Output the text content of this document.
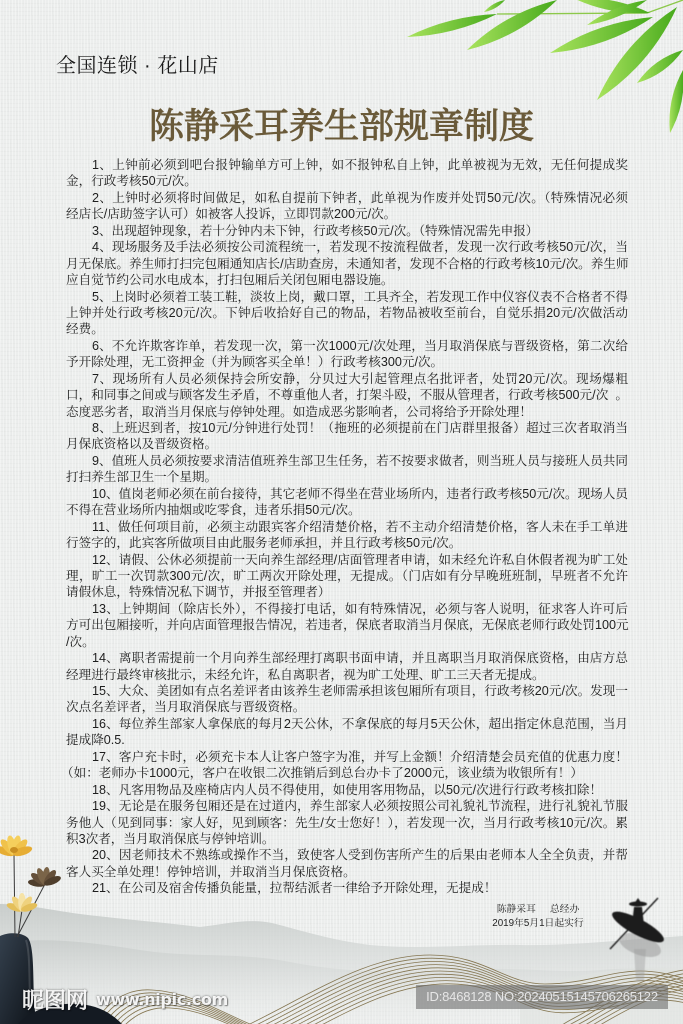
全国连锁 · 花山店
陈静采耳养生部规章制度
1、上钟前必须到吧台报钟输单方可上钟，如不报钟私自上钟，此单被视为无效，无任何提成奖
金，行政考核50元/次。
2、上钟时必须将时间做足，如私自提前下钟者，此单视为作废并处罚50元/次。（特殊情况必须
经店长/店助签字认可）如被客人投诉，立即罚款200元/次。
3、出现超钟现象，若十分钟内未下钟，行政考核50元/次。（特殊情况需先申报）
4、现场服务及手法必须按公司流程统一，若发现不按流程做者，发现一次行政考核50元/次，当
月无保底。养生师打扫完包厢通知店长/店助查房，未通知者，发现不合格的行政考核10元/次。养生师
应自觉节约公司水电成本，打扫包厢后关闭包厢电器设施。
5、上岗时必须着工装工鞋，淡妆上岗，戴口罩，工具齐全，若发现工作中仪容仪表不合格者不得
上钟并处行政考核20元/次。下钟后收拾好自己的物品，若物品被收至前台，自觉乐捐20元/次做活动
经费。
6、不允许欺客诈单，若发现一次，第一次1000元/次处理，当月取消保底与晋级资格，第二次给
予开除处理，无工资押金（并为顾客买全单！）行政考核300元/次。
7、现场所有人员必须保持会所安静，分贝过大引起管理点名批评者，处罚20元/次。现场爆粗
口，和同事之间或与顾客发生矛盾，不尊重他人者，打架斗殴，不服从管理者，行政考核500元/次  。
态度恶劣者，取消当月保底与停钟处理。如造成恶劣影响者，公司将给予开除处理！
8、上班迟到者，按10元/分钟进行处罚！（拖班的必须提前在门店群里报备）超过三次者取消当
月保底资格以及晋级资格。
9、值班人员必须按要求清洁值班养生部卫生任务，若不按要求做者，则当班人员与接班人员共同
打扫养生部卫生一个星期。
10、值岗老师必须在前台接待，其它老师不得坐在营业场所内，违者行政考核50元/次。现场人员
不得在营业场所内抽烟或吃零食，违者乐捐50元/次。
11、做任何项目前，必须主动跟宾客介绍清楚价格，若不主动介绍清楚价格，客人未在手工单进
行签字的，此宾客所做项目由此服务老师承担，并且行政考核50元/次。
12、请假、公休必须提前一天向养生部经理/店面管理者申请，如未经允许私自休假者视为旷工处
理，旷工一次罚款300元/次，旷工两次开除处理，无提成。（门店如有分早晚班班制，早班者不允许
请假休息，特殊情况私下调节，并报至管理者）
13、上钟期间（除店长外），不得接打电话，如有特殊情况，必须与客人说明，征求客人许可后
方可出包厢接听，并向店面管理报告情况，若违者，保底者取消当月保底，无保底老师行政处罚100元
/次。
14、离职者需提前一个月向养生部经理打离职书面申请，并且离职当月取消保底资格，由店方总
经理进行最终审核批示，未经允许，私自离职者，视为旷工处理、旷工三天者无提成。
15、大众、美团如有点名差评者由该养生老师需承担该包厢所有项目，行政考核20元/次。发现一
次点名差评者，当月取消保底与晋级资格。
16、每位养生部家人拿保底的每月2天公休，不拿保底的每月5天公休，超出指定休息范围，当月
提成降0.5.
17、客户充卡时，必须充卡本人让客户签字为准，并写上金额！介绍清楚会员充值的优惠力度！
（如：老师办卡1000元，客户在收银二次推销后到总台办卡了2000元，该业绩为收银所有！）
18、凡客用物品及座椅店内人员不得使用，如使用客用物品，以50元/次进行行政考核扣除！
19、无论是在服务包厢还是在过道内，养生部家人必须按照公司礼貌礼节流程，进行礼貌礼节服
务他人（见到同事：家人好，见到顾客：先生/女士您好！），若发现一次，当月行政考核10元/次。累
积3次者，当月取消保底与停钟培训。
20、因老师技术不熟练或操作不当，致使客人受到伤害所产生的后果由老师本人全全负责，并帮
客人买全单处理！停钟培训，并取消当月保底资格。
21、在公司及宿舍传播负能量，拉帮结派者一律给予开除处理，无提成！
陈静采耳 总经办
2019年5月1日起实行
昵图网 www.nipic.com	ID:8468128 NO:20240515145706265122
